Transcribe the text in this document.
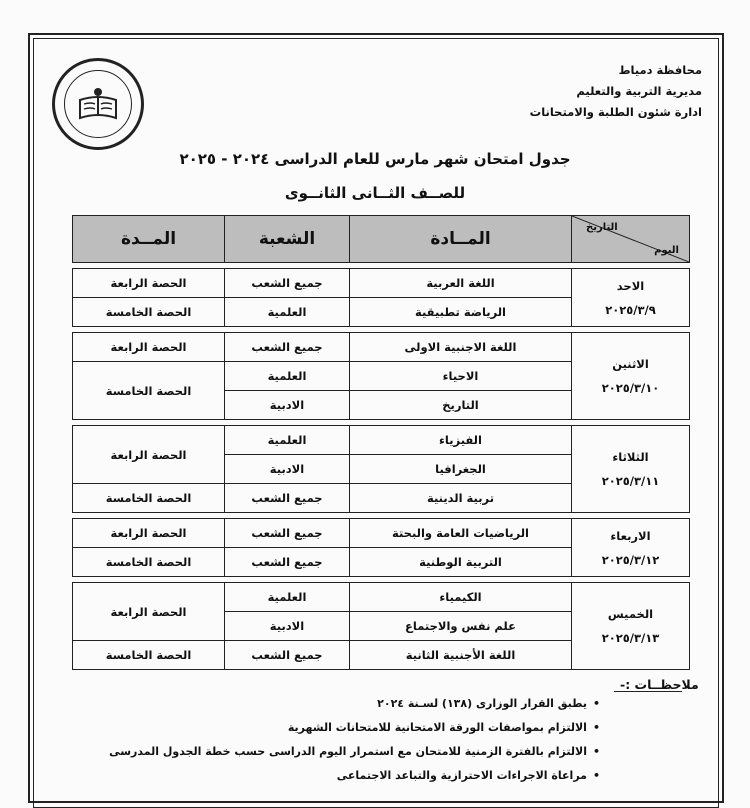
محافظة دمياط
مديرية التربية والتعليم
ادارة شئون الطلبة والامتحانات
جدول امتحان شهر مارس للعام الدراسى ٢٠٢٤ - ٢٠٢٥
للصــف الثــانى الثانــوى
التاريخ
اليوم	المــادة	الشعبة	المــدة

الاحد
٢٠٢٥/٣/٩	اللغة العربية	جميع الشعب	الحصة الرابعة
	الرياضة تطبيقية	العلمية	الحصة الخامسة

الاثنين
٢٠٢٥/٣/١٠	اللغة الاجنبية الاولى	جميع الشعب	الحصة الرابعة
	الاحياء	العلمية	الحصة الخامسة
	التاريخ	الادبية	

الثلاثاء
٢٠٢٥/٣/١١	الفيزياء	العلمية	الحصة الرابعة
	الجغرافيا	الادبية	
	تربية الدينية	جميع الشعب	الحصة الخامسة

الاربعاء
٢٠٢٥/٣/١٢	الرياضيات العامة والبحتة	جميع الشعب	الحصة الرابعة
	التربية الوطنية	جميع الشعب	الحصة الخامسة

الخميس
٢٠٢٥/٣/١٣	الكيمياء	العلمية	الحصة الرابعة
	علم نفس والاجتماع	الادبية	
	اللغة الأجنبية الثانية	جميع الشعب	الحصة الخامسة
ملاحظــات :-
• يطبق القرار الوزارى (١٣٨) لسـنة ٢٠٢٤
• الالتزام بمواصفات الورقة الامتحانية للامتحانات الشهرية
• الالتزام بالفترة الزمنية للامتحان مع استمرار اليوم الدراسى حسب خطة الجدول المدرسى
• مراعاة الاجراءات الاحترازية والتباعد الاجتماعى
